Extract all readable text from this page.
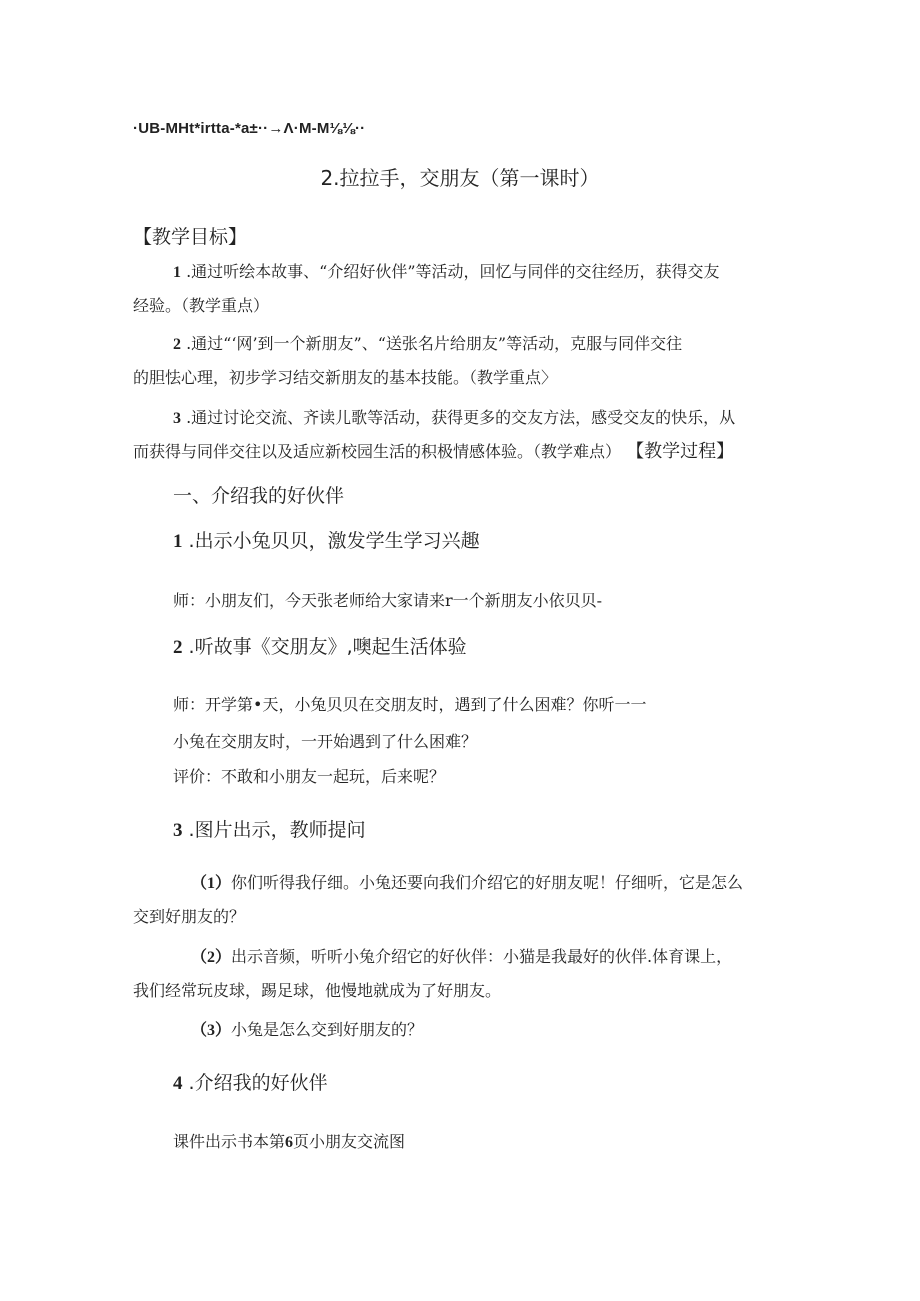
·UB-MHt*irtta-*a±··→Λ·M-M⅛⅛··
2.拉拉手，交朋友（第一课时）
【教学目标】
1 .通过听绘本故事、“介绍好伙伴”等活动，回忆与同伴的交往经历，获得交友
经验。（教学重点）
2 .通过“‘网’到一个新朋友”、“送张名片给朋友”等活动，克服与同伴交往
的胆怯心理，初步学习结交新朋友的基本技能。（教学重点〉
3 .通过讨论交流、齐读儿歌等活动，获得更多的交友方法，感受交友的快乐，从
而获得与同伴交往以及适应新校园生活的积极情感体验。（教学难点） 【教学过程】
一、介绍我的好伙伴
1 .出示小兔贝贝，激发学生学习兴趣
师：小朋友们，今天张老师给大家请来r一个新朋友小依贝贝-
2 .听故事《交朋友》,噢起生活体验
师：开学第•天，小兔贝贝在交朋友时，遇到了什么困难？你听一一
小兔在交朋友时，一开始遇到了什么困难？
评价：不敢和小朋友一起玩，后来呢？
3 .图片出示，教师提问
（1）你们听得我仔细。小兔还要向我们介绍它的好朋友呢！仔细听，它是怎么
交到好朋友的？
（2）出示音频，听听小兔介绍它的好伙伴：小猫是我最好的伙伴.体育课上，
我们经常玩皮球，踢足球，他慢地就成为了好朋友。
（3）小兔是怎么交到好朋友的？
4 .介绍我的好伙伴
课件出示书本第6页小朋友交流图
